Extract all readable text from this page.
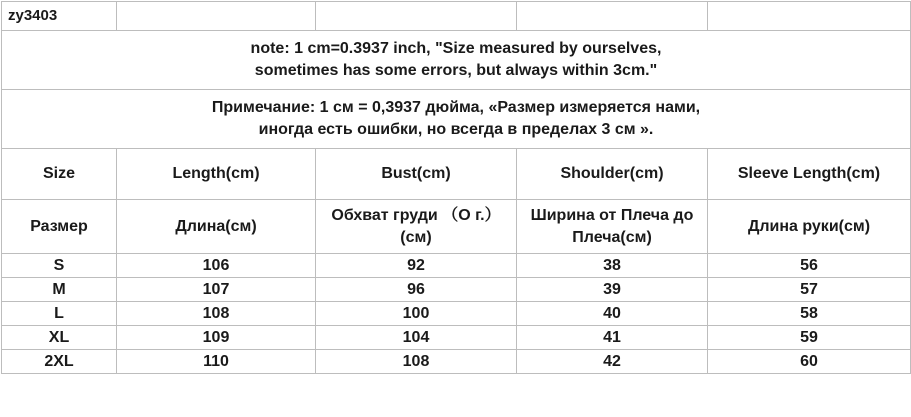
zy3403				

note: 1 cm=0.3937 inch, "Size measured by ourselves,
sometimes has some errors, but always within 3cm."				

Примечание: 1 см = 0,3937 дюйма, «Размер измеряется нами,
иногда есть ошибки, но всегда в пределах 3 см ».				

Size	Length(cm)	Bust(cm)	Shoulder(cm)	Sleeve Length(cm)
Размер	Длина(см)	Обхват груди （О г.）(см)	Ширина от Плеча до Плеча(см)	Длина руки(см)
S	106	92	38	56
M	107	96	39	57
L	108	100	40	58
XL	109	104	41	59
2XL	110	108	42	60
